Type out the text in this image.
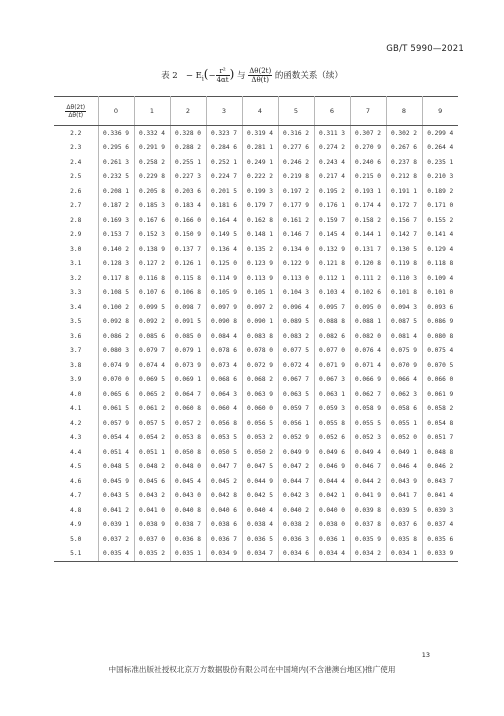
GB/T 5990—2021
表 $2 - E_i(- \frac{\text{r²}}{4\alpha t}$ ) 与 $\frac{\Delta\theta(2t)}{\Delta\theta(t)}$ 的函数关系（续）
$\frac{\Delta\theta(2t)}{\Delta\theta(t)}$	0	1	2	3	4	5	6	7	8	9
2.2	0.336 9	0.332 4	0.328 0	0.323 7	0.319 4	0.316 2	0.311 3	0.307 2	0.302 2	0.299 4
2.3	0.295 6	0.291 9	0.288 2	0.284 6	0.281 1	0.277 6	0.274 2	0.270 9	0.267 6	0.264 4
2.4	0.261 3	0.258 2	0.255 1	0.252 1	0.249 1	0.246 2	0.243 4	0.240 6	0.237 8	0.235 1
2.5	0.232 5	0.229 8	0.227 3	0.224 7	0.222 2	0.219 8	0.217 4	0.215 0	0.212 8	0.210 3
2.6	0.208 1	0.205 8	0.203 6	0.201 5	0.199 3	0.197 2	0.195 2	0.193 1	0.191 1	0.189 2
2.7	0.187 2	0.185 3	0.183 4	0.181 6	0.179 7	0.177 9	0.176 1	0.174 4	0.172 7	0.171 0
2.8	0.169 3	0.167 6	0.166 0	0.164 4	0.162 8	0.161 2	0.159 7	0.158 2	0.156 7	0.155 2
2.9	0.153 7	0.152 3	0.150 9	0.149 5	0.148 1	0.146 7	0.145 4	0.144 1	0.142 7	0.141 4
3.0	0.140 2	0.138 9	0.137 7	0.136 4	0.135 2	0.134 0	0.132 9	0.131 7	0.130 5	0.129 4
3.1	0.128 3	0.127 2	0.126 1	0.125 0	0.123 9	0.122 9	0.121 8	0.120 8	0.119 8	0.118 8
3.2	0.117 8	0.116 8	0.115 8	0.114 9	0.113 9	0.113 0	0.112 1	0.111 2	0.110 3	0.109 4
3.3	0.108 5	0.107 6	0.106 8	0.105 9	0.105 1	0.104 3	0.103 4	0.102 6	0.101 8	0.101 0
3.4	0.100 2	0.099 5	0.098 7	0.097 9	0.097 2	0.096 4	0.095 7	0.095 0	0.094 3	0.093 6
3.5	0.092 8	0.092 2	0.091 5	0.090 8	0.090 1	0.089 5	0.088 8	0.088 1	0.087 5	0.086 9
3.6	0.086 2	0.085 6	0.085 0	0.084 4	0.083 8	0.083 2	0.082 6	0.082 0	0.081 4	0.080 8
3.7	0.080 3	0.079 7	0.079 1	0.078 6	0.078 0	0.077 5	0.077 0	0.076 4	0.075 9	0.075 4
3.8	0.074 9	0.074 4	0.073 9	0.073 4	0.072 9	0.072 4	0.071 9	0.071 4	0.070 9	0.070 5
3.9	0.070 0	0.069 5	0.069 1	0.068 6	0.068 2	0.067 7	0.067 3	0.066 9	0.066 4	0.066 0
4.0	0.065 6	0.065 2	0.064 7	0.064 3	0.063 9	0.063 5	0.063 1	0.062 7	0.062 3	0.061 9
4.1	0.061 5	0.061 2	0.060 8	0.060 4	0.060 0	0.059 7	0.059 3	0.058 9	0.058 6	0.058 2
4.2	0.057 9	0.057 5	0.057 2	0.056 8	0.056 5	0.056 1	0.055 8	0.055 5	0.055 1	0.054 8
4.3	0.054 4	0.054 2	0.053 8	0.053 5	0.053 2	0.052 9	0.052 6	0.052 3	0.052 0	0.051 7
4.4	0.051 4	0.051 1	0.050 8	0.050 5	0.050 2	0.049 9	0.049 6	0.049 4	0.049 1	0.048 8
4.5	0.048 5	0.048 2	0.048 0	0.047 7	0.047 5	0.047 2	0.046 9	0.046 7	0.046 4	0.046 2
4.6	0.045 9	0.045 6	0.045 4	0.045 2	0.044 9	0.044 7	0.044 4	0.044 2	0.043 9	0.043 7
4.7	0.043 5	0.043 2	0.043 0	0.042 8	0.042 5	0.042 3	0.042 1	0.041 9	0.041 7	0.041 4
4.8	0.041 2	0.041 0	0.040 8	0.040 6	0.040 4	0.040 2	0.040 0	0.039 8	0.039 5	0.039 3
4.9	0.039 1	0.038 9	0.038 7	0.038 6	0.038 4	0.038 2	0.038 0	0.037 8	0.037 6	0.037 4
5.0	0.037 2	0.037 0	0.036 8	0.036 7	0.036 5	0.036 3	0.036 1	0.035 9	0.035 8	0.035 6
5.1	0.035 4	0.035 2	0.035 1	0.034 9	0.034 7	0.034 6	0.034 4	0.034 2	0.034 1	0.033 9
13
中国标准出版社授权北京万方数据股份有限公司在中国境内(不含港澳台地区)推广使用
